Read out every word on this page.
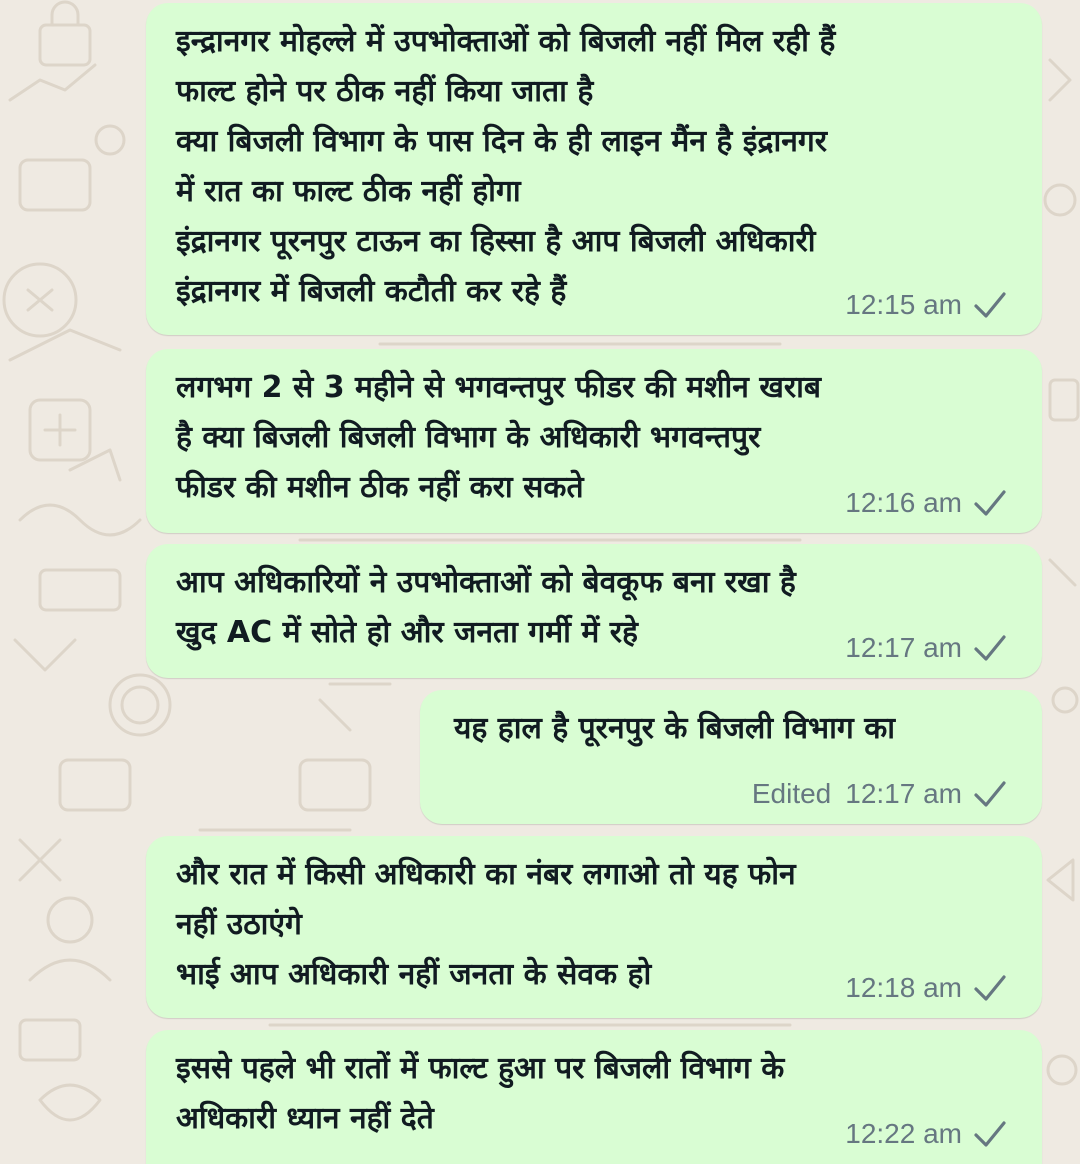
इन्द्रानगर मोहल्ले में उपभोक्ताओं को बिजली नहीं मिल रही हैं
फाल्ट होने पर ठीक नहीं किया जाता है
क्या बिजली विभाग के पास दिन के ही लाइन मैंन है इंद्रानगर
में रात का फाल्ट ठीक नहीं होगा
इंद्रानगर पूरनपुर टाऊन का हिस्सा है आप बिजली अधिकारी
इंद्रानगर में बिजली कटौती कर रहे हैं	12:15 am

लगभग 2 से 3 महीने से भगवन्तपुर फीडर की मशीन खराब
है क्या बिजली बिजली विभाग के अधिकारी भगवन्तपुर
फीडर की मशीन ठीक नहीं करा सकते	12:16 am

आप अधिकारियों ने उपभोक्ताओं को बेवकूफ बना रखा है
खुद AC में सोते हो और जनता गर्मी में रहे	12:17 am

यह हाल है पूरनपुर के बिजली विभाग का

Edited 12:17 am

और रात में किसी अधिकारी का नंबर लगाओ तो यह फोन
नहीं उठाएंगे
भाई आप अधिकारी नहीं जनता के सेवक हो	12:18 am

इससे पहले भी रातों में फाल्ट हुआ पर बिजली विभाग के
अधिकारी ध्यान नहीं देते	12:22 am
